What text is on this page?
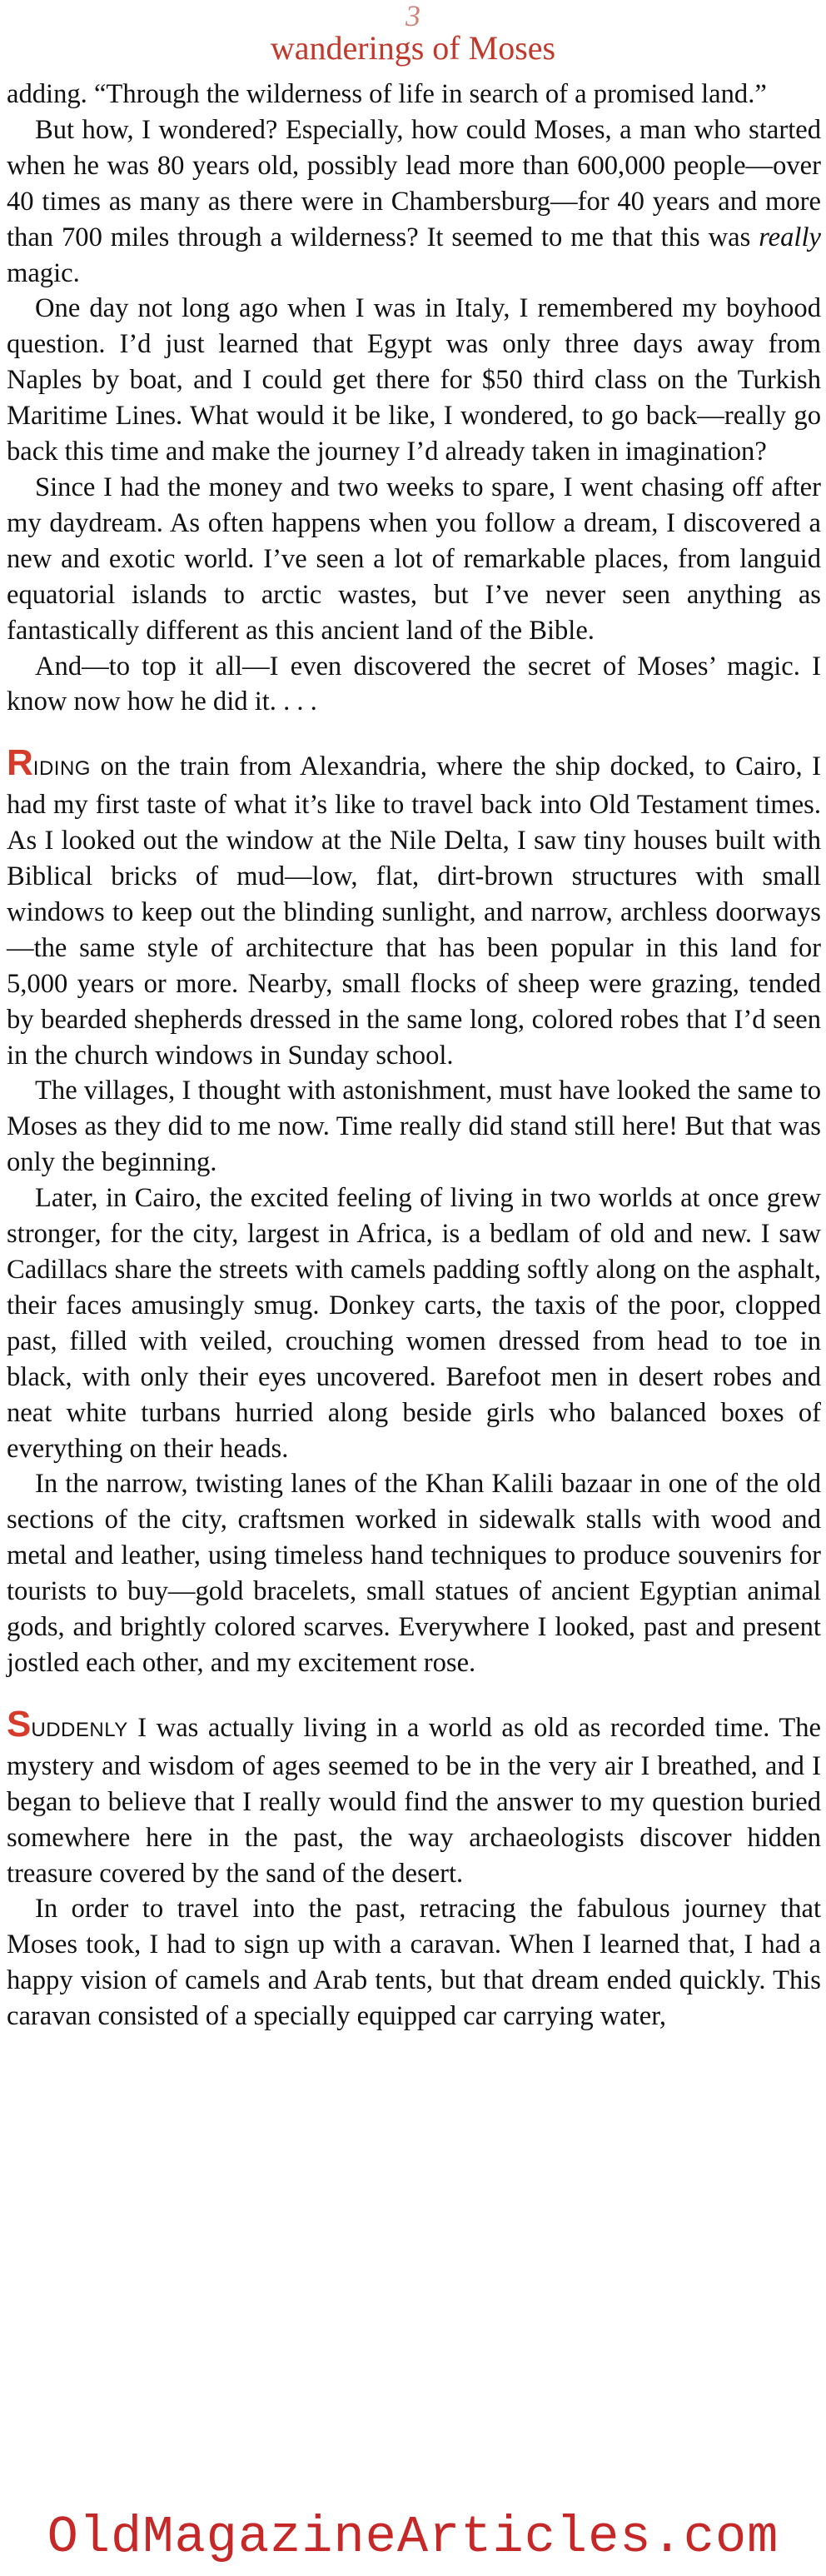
3
wanderings of Moses

adding. “Through the wilderness of life in search of a promised land.”

But how, I wondered? Especially, how could Moses, a man who started when he was 80 years old, possibly lead more than 600,000 people—over 40 times as many as there were in Chambersburg—for 40 years and more than 700 miles through a wilderness? It seemed to me that this was really magic.

One day not long ago when I was in Italy, I remembered my boyhood question. I’d just learned that Egypt was only three days away from Naples by boat, and I could get there for $50 third class on the Turkish Maritime Lines. What would it be like, I wondered, to go back—really go back this time and make the journey I’d already taken in imagination?

Since I had the money and two weeks to spare, I went chasing off after my daydream. As often happens when you follow a dream, I discovered a new and exotic world. I’ve seen a lot of remarkable places, from languid equatorial islands to arctic wastes, but I’ve never seen anything as fantastically different as this ancient land of the Bible.

And—to top it all—I even discovered the secret of Moses’ magic. I know now how he did it. . . .

RIDING on the train from Alexandria, where the ship docked, to Cairo, I had my first taste of what it’s like to travel back into Old Testament times. As I looked out the window at the Nile Delta, I saw tiny houses built with Biblical bricks of mud—low, flat, dirt-brown structures with small windows to keep out the blinding sunlight, and narrow, archless doorways—the same style of architecture that has been popular in this land for 5,000 years or more. Nearby, small flocks of sheep were grazing, tended by bearded shepherds dressed in the same long, colored robes that I’d seen in the church windows in Sunday school.

The villages, I thought with astonishment, must have looked the same to Moses as they did to me now. Time really did stand still here! But that was only the beginning.

Later, in Cairo, the excited feeling of living in two worlds at once grew stronger, for the city, largest in Africa, is a bedlam of old and new. I saw Cadillacs share the streets with camels padding softly along on the asphalt, their faces amusingly smug. Donkey carts, the taxis of the poor, clopped past, filled with veiled, crouching women dressed from head to toe in black, with only their eyes uncovered. Barefoot men in desert robes and neat white turbans hurried along beside girls who balanced boxes of everything on their heads.

In the narrow, twisting lanes of the Khan Kalili bazaar in one of the old sections of the city, craftsmen worked in sidewalk stalls with wood and metal and leather, using timeless hand techniques to produce souvenirs for tourists to buy—gold bracelets, small statues of ancient Egyptian animal gods, and brightly colored scarves. Everywhere I looked, past and present jostled each other, and my excitement rose.

SUDDENLY I was actually living in a world as old as recorded time. The mystery and wisdom of ages seemed to be in the very air I breathed, and I began to believe that I really would find the answer to my question buried somewhere here in the past, the way archaeologists discover hidden treasure covered by the sand of the desert.

In order to travel into the past, retracing the fabulous journey that Moses took, I had to sign up with a caravan. When I learned that, I had a happy vision of camels and Arab tents, but that dream ended quickly. This caravan consisted of a specially equipped car carrying water,

OldMagazineArticles.com
